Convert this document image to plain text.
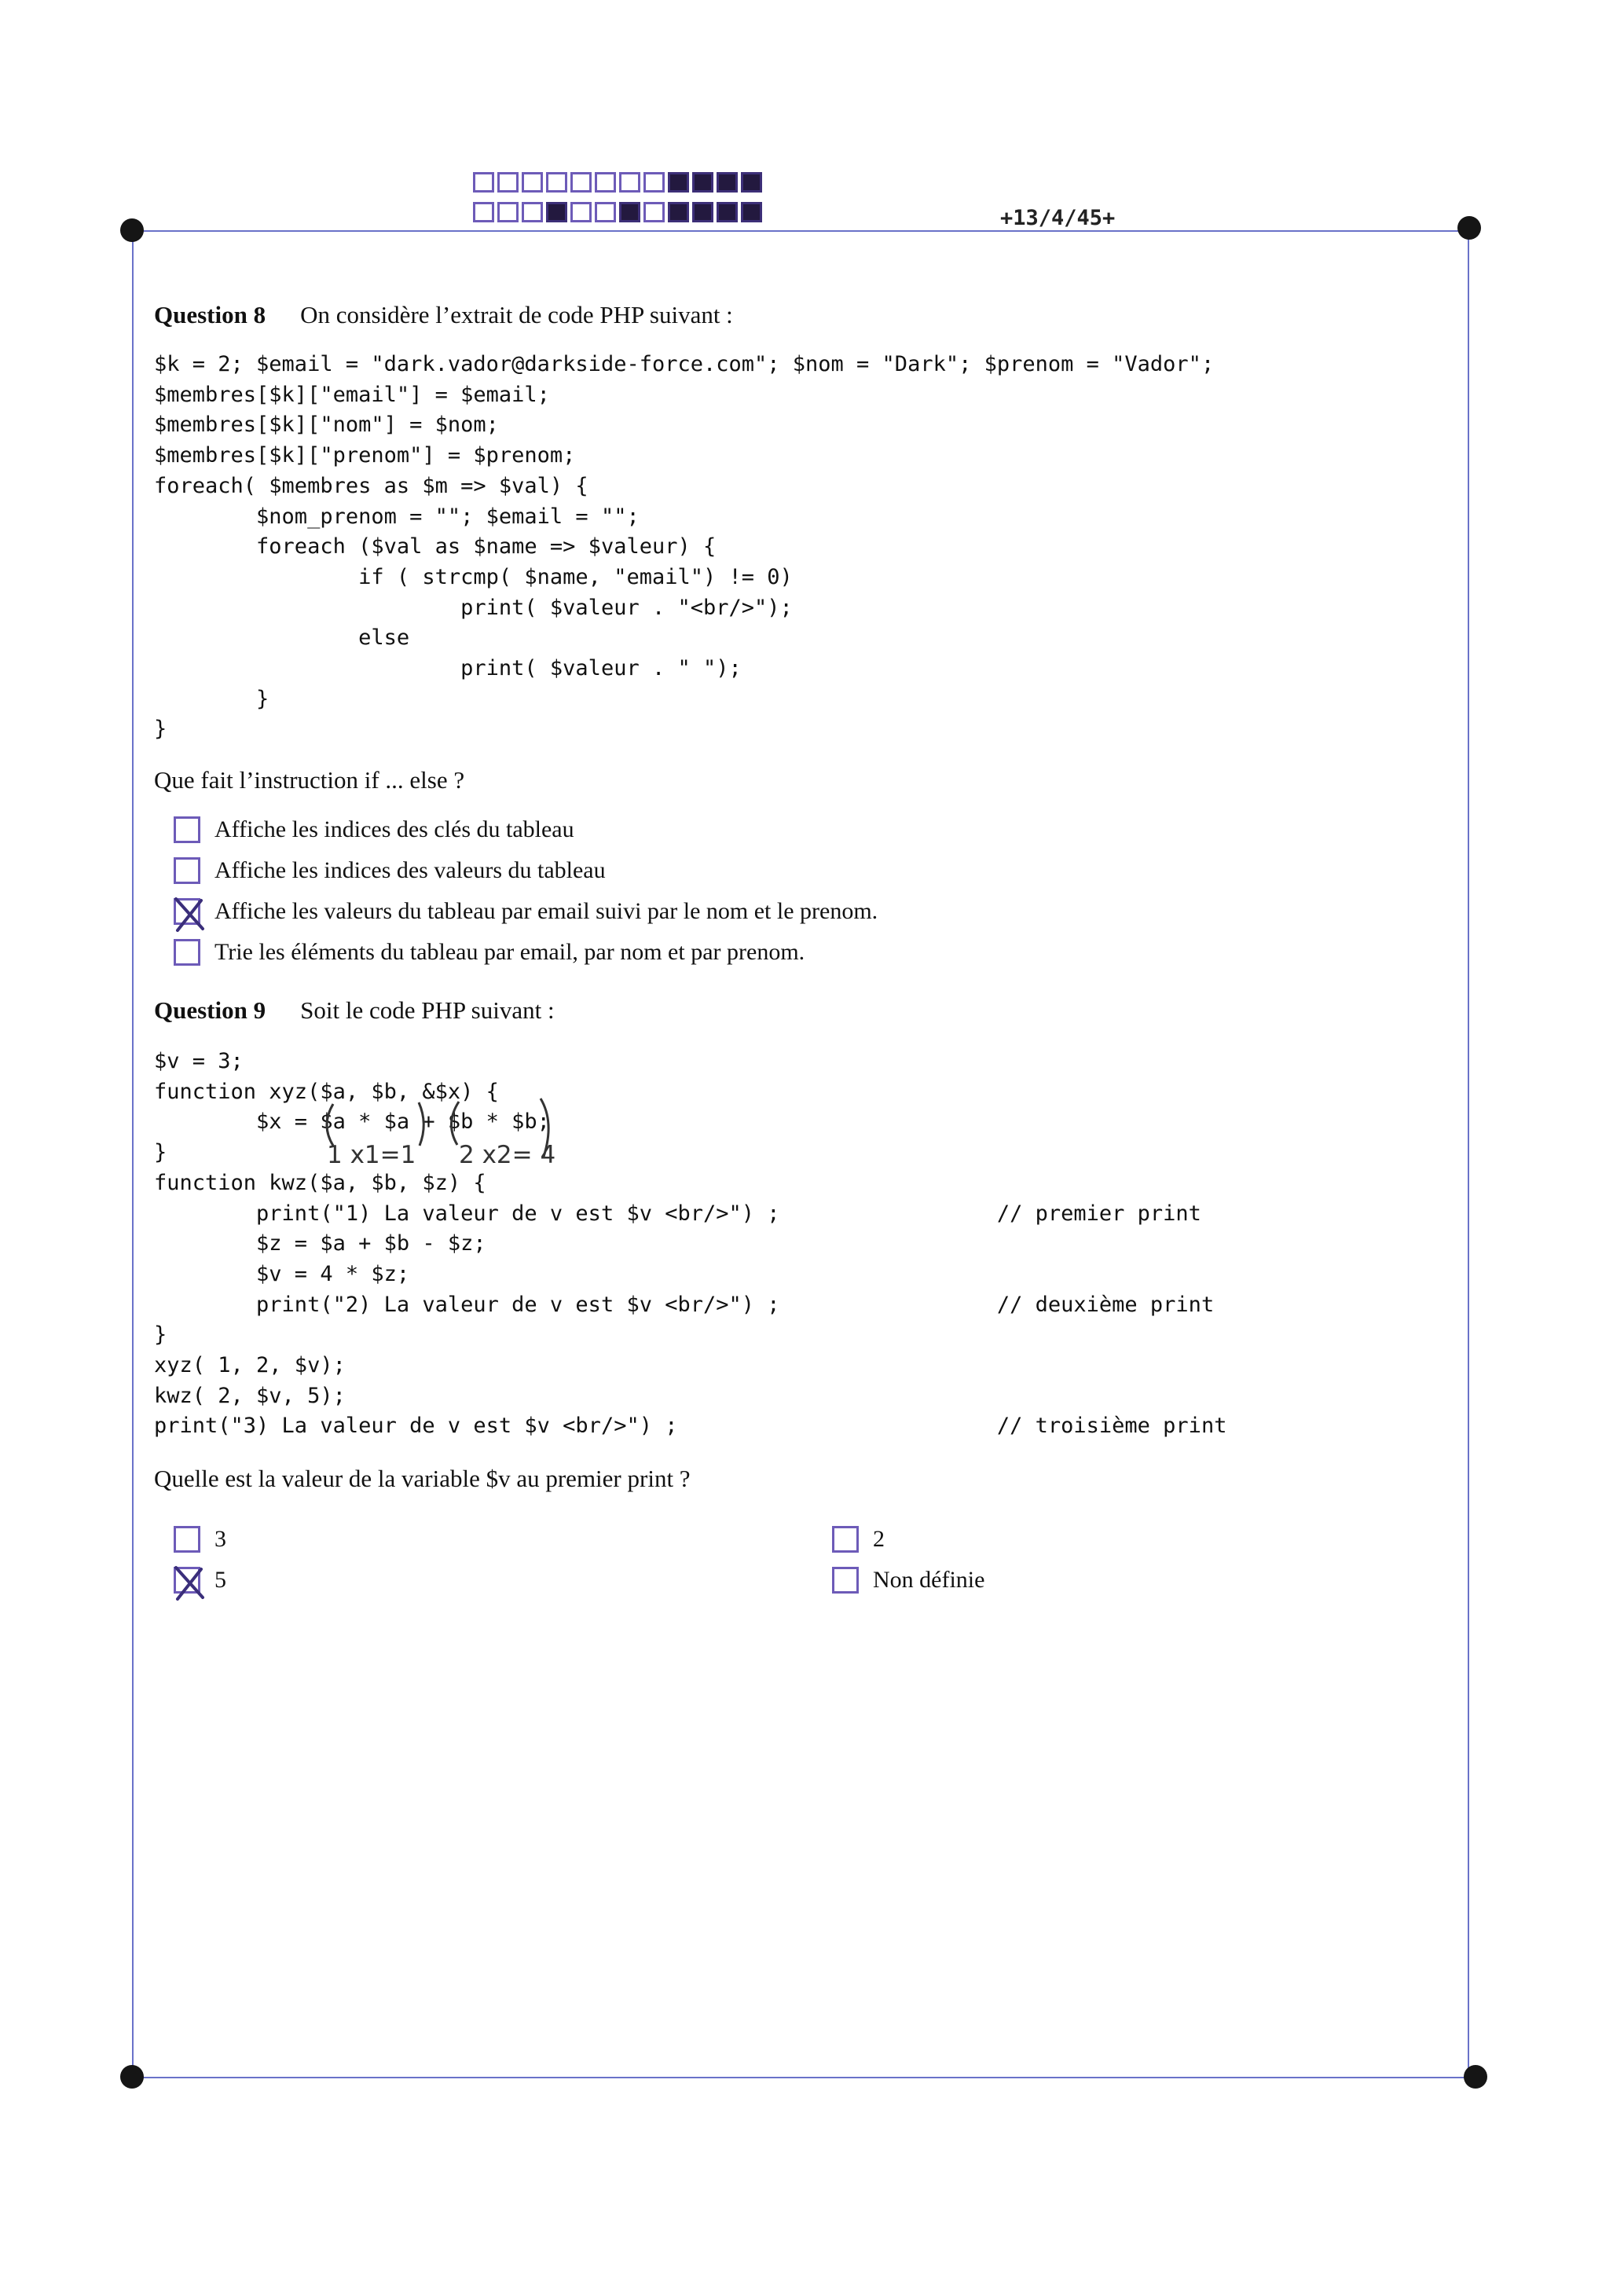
+13/4/45+
Question 8 On considère l’extrait de code PHP suivant :
$k = 2; $email = "dark.vador@darkside-force.com"; $nom = "Dark"; $prenom = "Vador";
$membres[$k]["email"] = $email;
$membres[$k]["nom"] = $nom;
$membres[$k]["prenom"] = $prenom;
foreach( $membres as $m => $val) {
$nom_prenom = ""; $email = "";
foreach ($val as $name => $valeur) {
if ( strcmp( $name, "email") != 0)
print( $valeur . "<br/>");
else
print( $valeur . " ");
}
}
Que fait l’instruction if ... else ?
Affiche les indices des clés du tableau
Affiche les indices des valeurs du tableau
Affiche les valeurs du tableau par email suivi par le nom et le prenom.
Trie les éléments du tableau par email, par nom et par prenom.
Question 9 Soit le code PHP suivant :
$v = 3;
function xyz($a, $b, &$x) {
$x = $a * $a + $b * $b;
}
function kwz($a, $b, $z) {
print("1) La valeur de v est $v <br/>") ;                 // premier print
$z = $a + $b - $z;
$v = 4 * $z;
print("2) La valeur de v est $v <br/>") ;                 // deuxième print
}
xyz( 1, 2, $v);
kwz( 2, $v, 5);
print("3) La valeur de v est $v <br/>") ;                         // troisième print
1 x1=1 2 x2= 4
Quelle est la valeur de la variable $v au premier print ?
3	2
5	Non définie
